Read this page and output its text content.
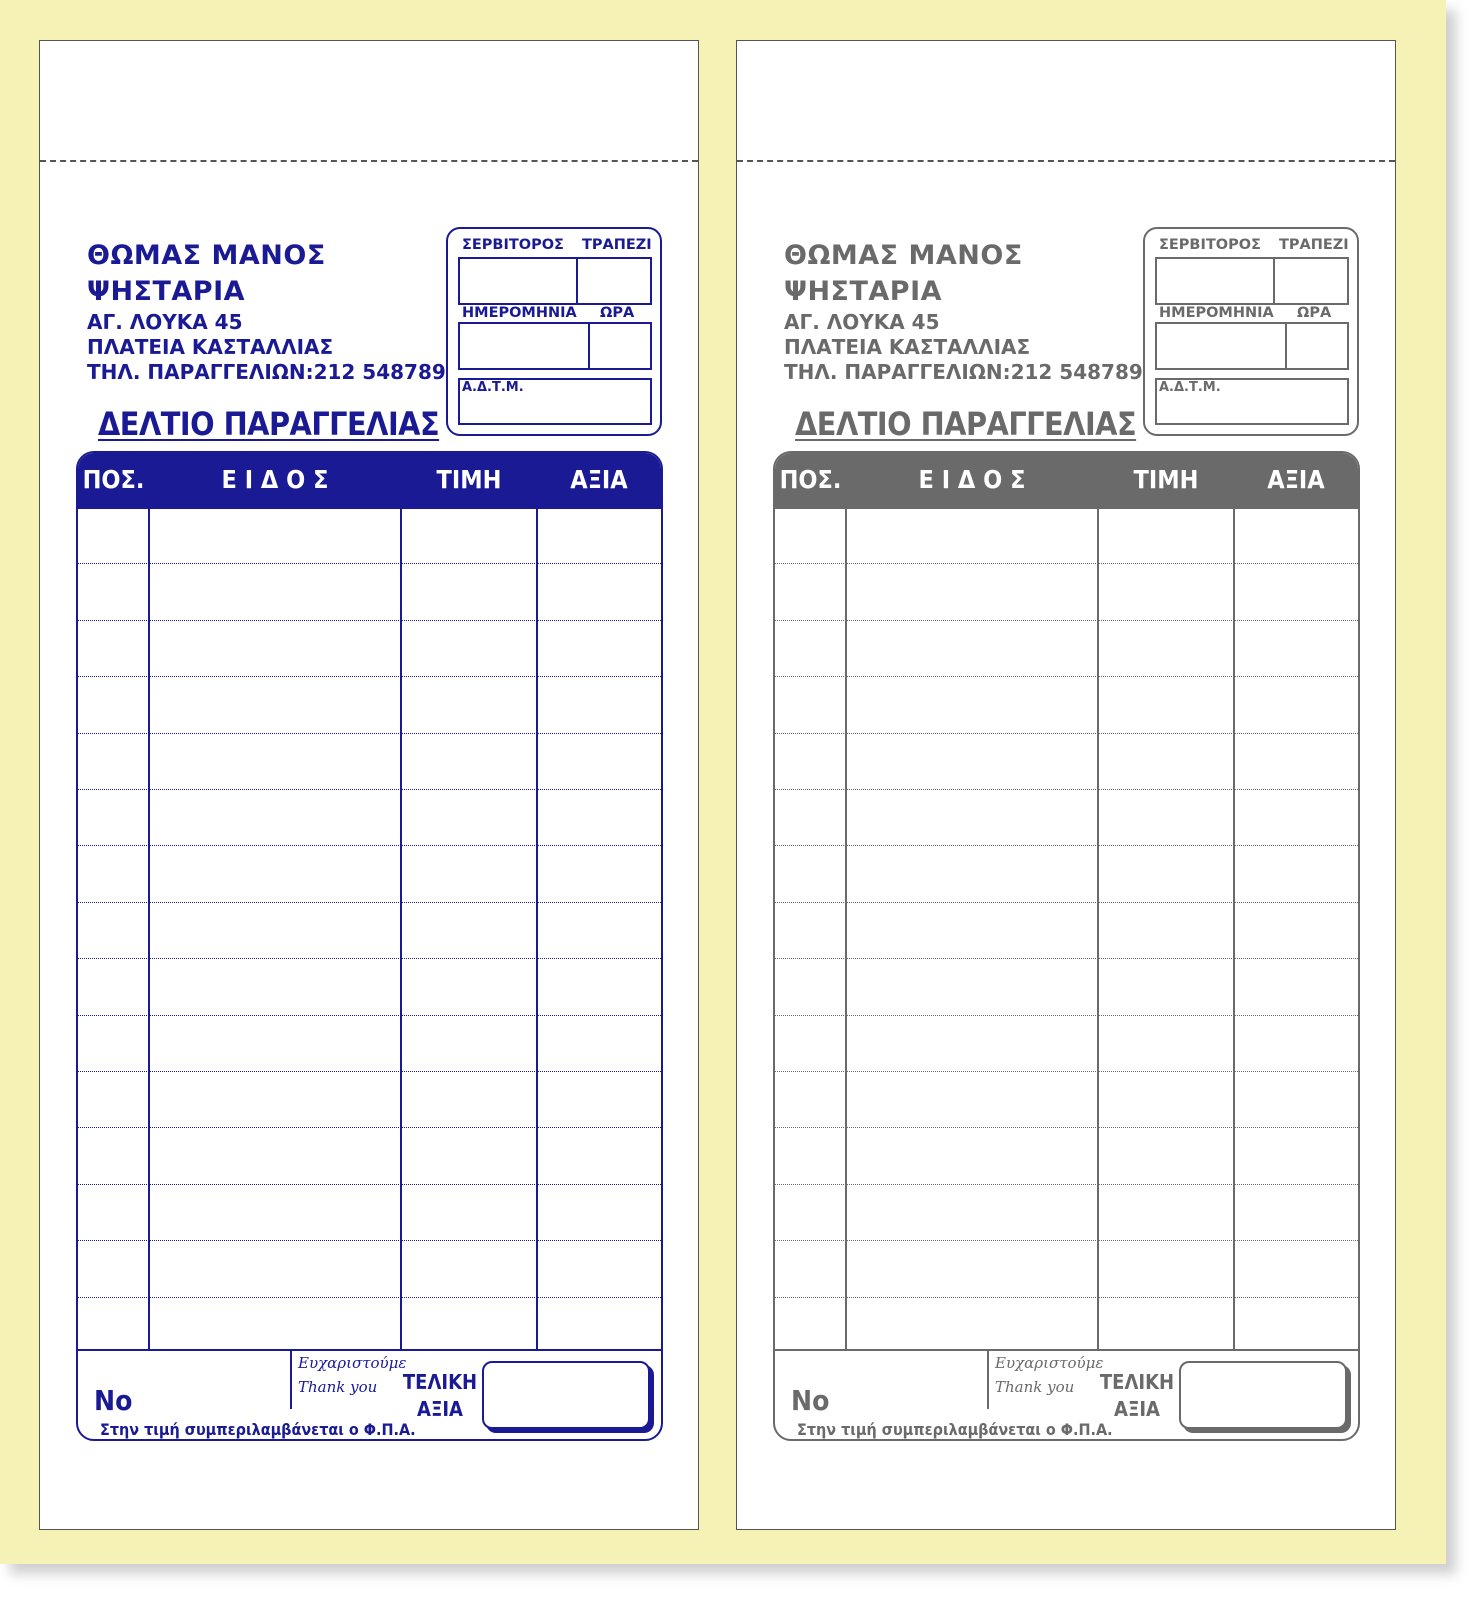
ΘΩΜΑΣ ΜΑΝΟΣ
ΨΗΣΤΑΡΙΑ
ΑΓ. ΛΟΥΚΑ 45
ΠΛΑΤΕΙΑ ΚΑΣΤΑΛΛΙΑΣ
ΤΗΛ. ΠΑΡΑΓΓΕΛΙΩΝ:212 548789
ΔΕΛΤΙΟ ΠΑΡΑΓΓΕΛΙΑΣ
ΣΕΡΒΙΤΟΡΟΣ ΤΡΑΠΕΖΙ
ΗΜΕΡΟΜΗΝΙΑ ΩΡΑ
Α.Δ.Τ.Μ.
ΠΟΣ.	Ε Ι Δ Ο Σ	ΤΙΜΗ	ΑΞΙΑ
No
Ευχαριστούμε
Thank you	ΤΕΛΙΚΗ
ΑΞΙΑ
Στην τιμή συμπεριλαμβάνεται ο Φ.Π.Α.
ΘΩΜΑΣ ΜΑΝΟΣ
ΨΗΣΤΑΡΙΑ
ΑΓ. ΛΟΥΚΑ 45
ΠΛΑΤΕΙΑ ΚΑΣΤΑΛΛΙΑΣ
ΤΗΛ. ΠΑΡΑΓΓΕΛΙΩΝ:212 548789
ΔΕΛΤΙΟ ΠΑΡΑΓΓΕΛΙΑΣ
ΣΕΡΒΙΤΟΡΟΣ ΤΡΑΠΕΖΙ
ΗΜΕΡΟΜΗΝΙΑ ΩΡΑ
Α.Δ.Τ.Μ.
ΠΟΣ.	Ε Ι Δ Ο Σ	ΤΙΜΗ	ΑΞΙΑ
No
Ευχαριστούμε
Thank you	ΤΕΛΙΚΗ
ΑΞΙΑ
Στην τιμή συμπεριλαμβάνεται ο Φ.Π.Α.
